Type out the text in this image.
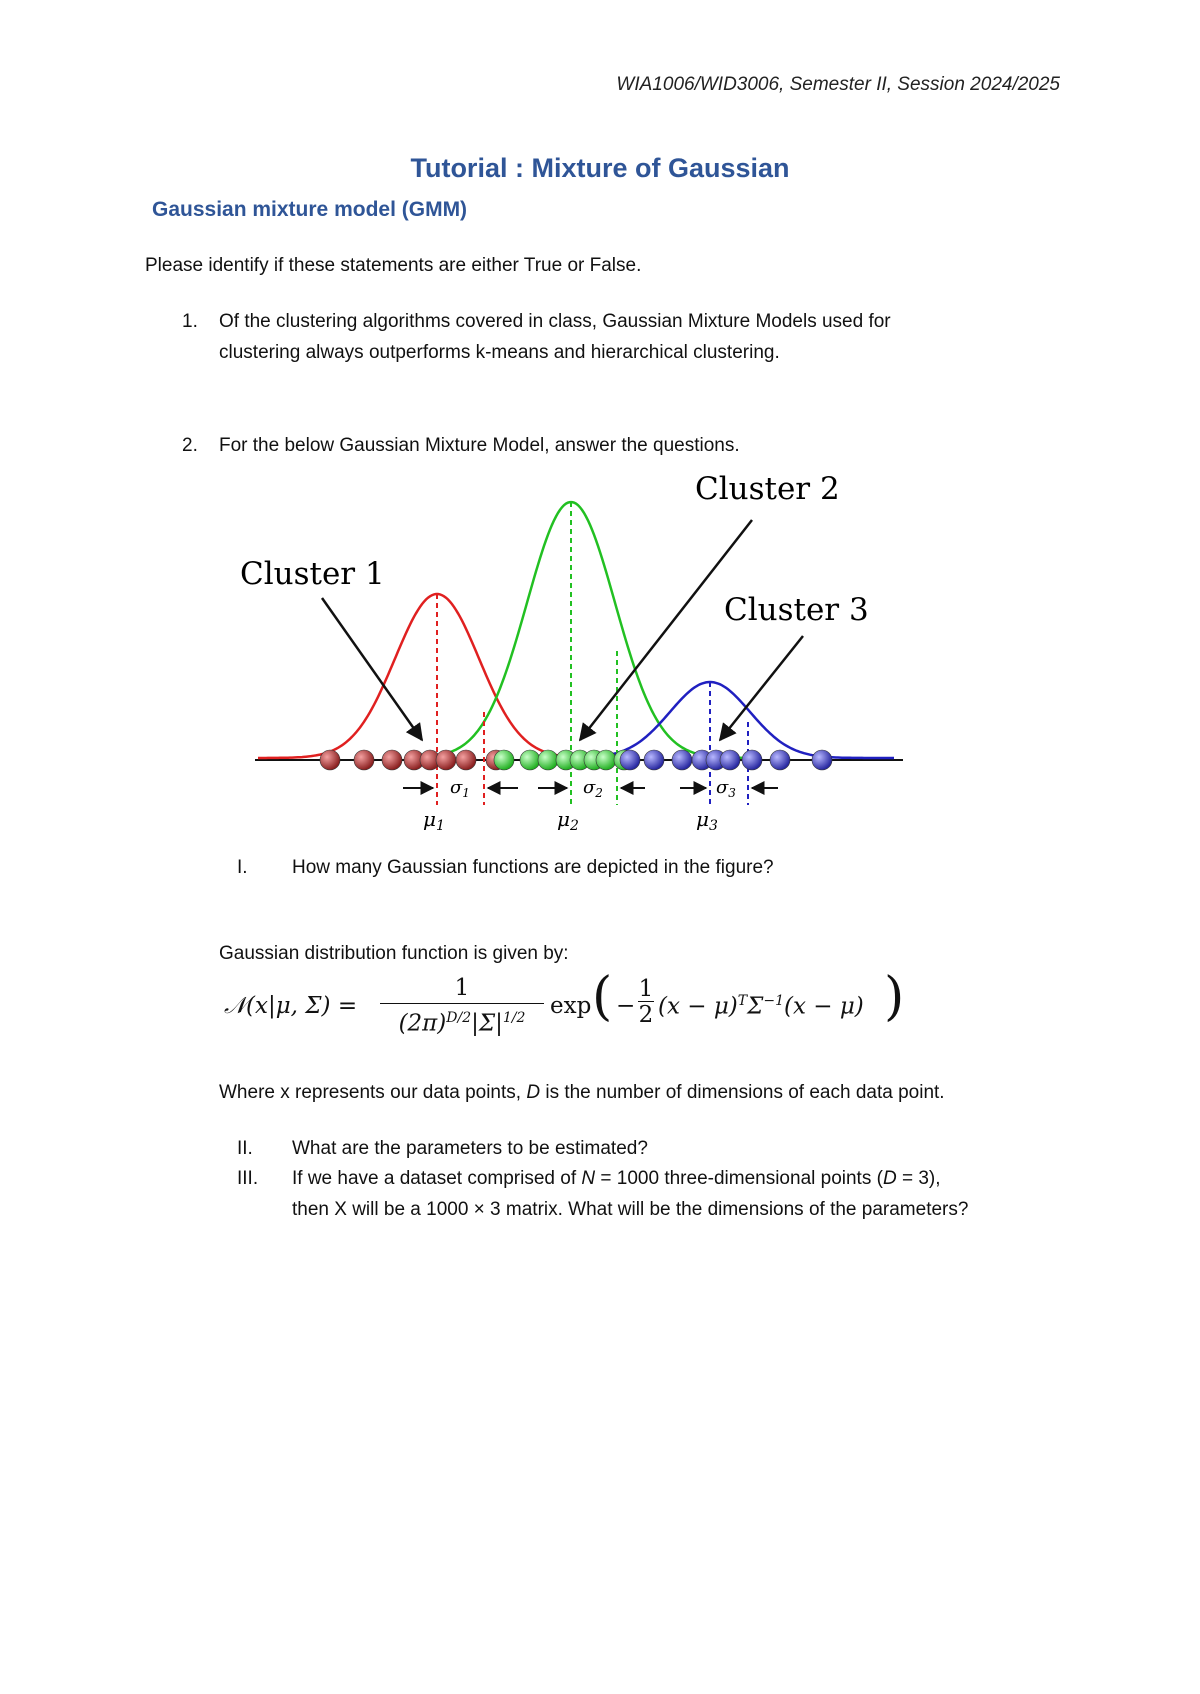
WIA1006/WID3006, Semester II, Session 2024/2025
Tutorial : Mixture of Gaussian
Gaussian mixture model (GMM)
Please identify if these statements are either True or False.
1. Of the clustering algorithms covered in class, Gaussian Mixture Models used for
clustering always outperforms k-means and hierarchical clustering.
2. For the below Gaussian Mixture Model, answer the questions.
$\sigma_1$	$\sigma_2$	$\sigma_3$
$\mu_1$	$\mu_2$	$\mu_3$
Cluster 1
Cluster 2
Cluster 3
I.	How many Gaussian functions are depicted in the figure?
Gaussian distribution function is given by:
𝒩(x|μ, Σ) =
1
$(2\pi)^{D/2}|\Sigma|^{1/2}$	exp ( −
1
2 $(x - \mu)^T\Sigma^{-1}(x - \mu)$ )
Where x represents our data points, D is the number of dimensions of each data point.
II.	What are the parameters to be estimated?
III.	If we have a dataset comprised of N = 1000 three-dimensional points (D = 3),
then X will be a 1000 × 3 matrix. What will be the dimensions of the parameters?
